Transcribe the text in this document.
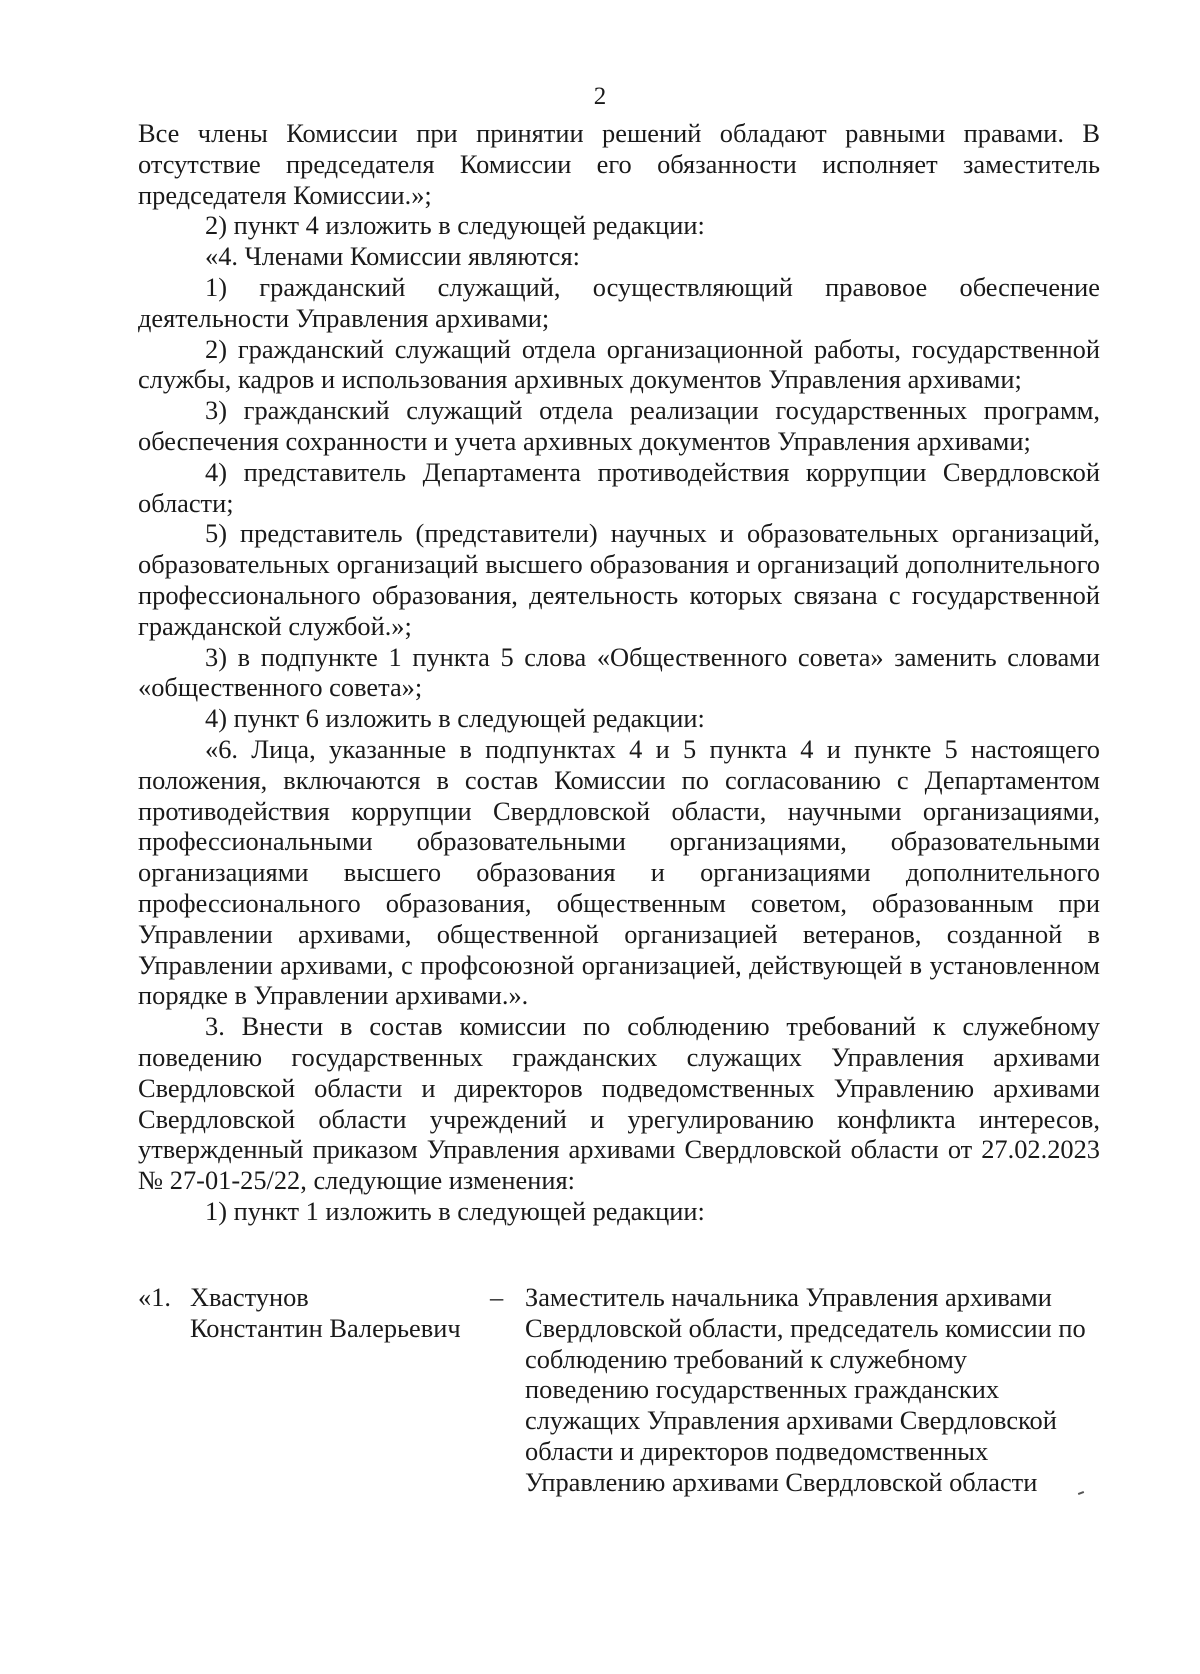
2

Все члены Комиссии при принятии решений обладают равными правами. В отсутствие председателя Комиссии его обязанности исполняет заместитель председателя Комиссии.»;

2) пункт 4 изложить в следующей редакции:

«4. Членами Комиссии являются:

1) гражданский служащий, осуществляющий правовое обеспечение деятельности Управления архивами;

2) гражданский служащий отдела организационной работы, государственной службы, кадров и использования архивных документов Управления архивами;

3) гражданский служащий отдела реализации государственных программ, обеспечения сохранности и учета архивных документов Управления архивами;

4) представитель Департамента противодействия коррупции Свердловской области;

5) представитель (представители) научных и образовательных организаций, образовательных организаций высшего образования и организаций дополнительного профессионального образования, деятельность которых связана с государственной гражданской службой.»;

3) в подпункте 1 пункта 5 слова «Общественного совета» заменить словами «общественного совета»;

4) пункт 6 изложить в следующей редакции:

«6. Лица, указанные в подпунктах 4 и 5 пункта 4 и пункте 5 настоящего положения, включаются в состав Комиссии по согласованию с Департаментом противодействия коррупции Свердловской области, научными организациями, профессиональными образовательными организациями, образовательными организациями высшего образования и организациями дополнительного профессионального образования, общественным советом, образованным при Управлении архивами, общественной организацией ветеранов, созданной в Управлении архивами, с профсоюзной организацией, действующей в установленном порядке в Управлении архивами.».

3. Внести в состав комиссии по соблюдению требований к служебному поведению государственных гражданских служащих Управления архивами Свердловской области и директоров подведомственных Управлению архивами Свердловской области учреждений и урегулированию конфликта интересов, утвержденный приказом Управления архивами Свердловской области от 27.02.2023 № 27-01-25/22, следующие изменения:

1) пункт 1 изложить в следующей редакции:

«1. Хвастунов
Константин Валерьевич
– Заместитель начальника Управления архивами Свердловской области, председатель комиссии по соблюдению требований к служебному поведению государственных гражданских служащих Управления архивами Свердловской области и директоров подведомственных Управлению архивами Свердловской области
